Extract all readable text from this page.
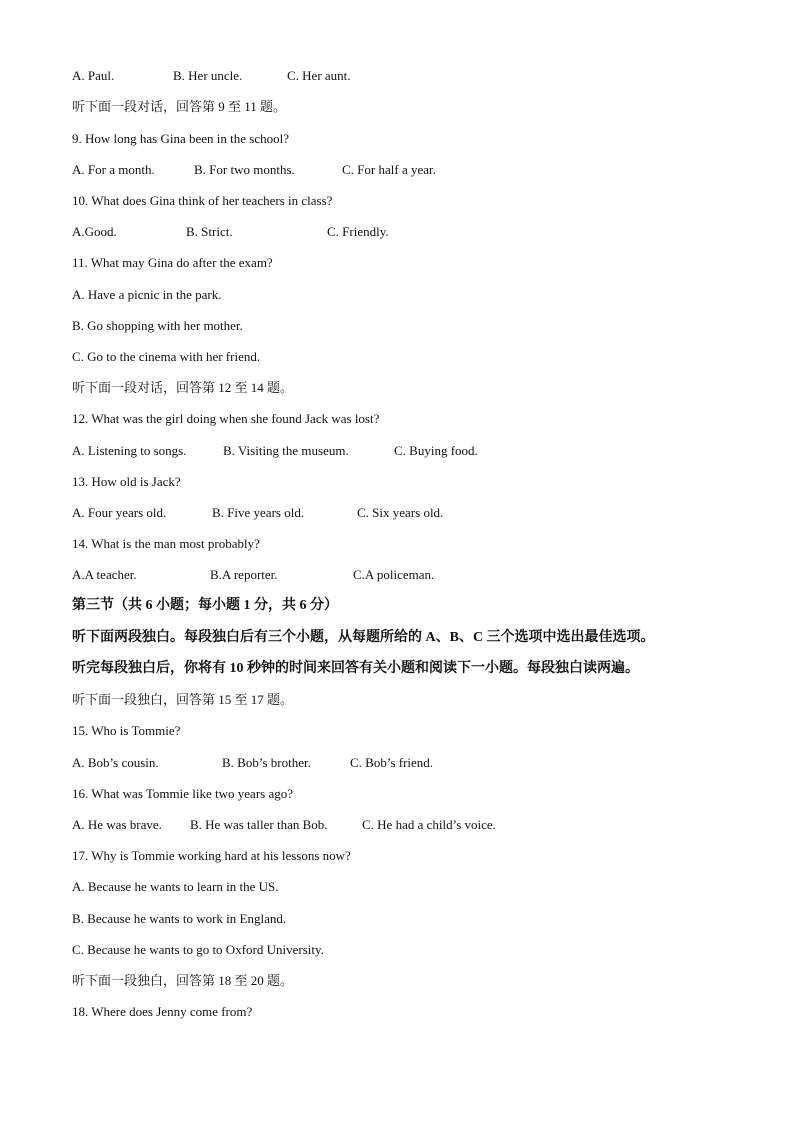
A. Paul.	B. Her uncle.	C. Her aunt.
听下面一段对话，回答第 9 至 11 题。
9. How long has Gina been in the school?
A. For a month.	B. For two months.	C. For half a year.
10. What does Gina think of her teachers in class?
A.Good.	B. Strict.	C. Friendly.
11. What may Gina do after the exam?
A. Have a picnic in the park.
B. Go shopping with her mother.
C. Go to the cinema with her friend.
听下面一段对话，回答第 12 至 14 题。
12. What was the girl doing when she found Jack was lost?
A. Listening to songs.	B. Visiting the museum.	C. Buying food.
13. How old is Jack?
A. Four years old.	B. Five years old.	C. Six years old.
14. What is the man most probably?
A.A teacher.	B.A reporter.	C.A policeman.
第三节（共 6 小题；每小题 1 分，共 6 分）
听下面两段独白。每段独白后有三个小题，从每题所给的 A、B、C 三个选项中选出最佳选项。
听完每段独白后，你将有 10 秒钟的时间来回答有关小题和阅读下一小题。每段独白读两遍。
听下面一段独白，回答第 15 至 17 题。
15. Who is Tommie?
A. Bob’s cousin.	B. Bob’s brother.	C. Bob’s friend.
16. What was Tommie like two years ago?
A. He was brave.	B. He was taller than Bob.	C. He had a child’s voice.
17. Why is Tommie working hard at his lessons now?
A. Because he wants to learn in the US.
B. Because he wants to work in England.
C. Because he wants to go to Oxford University.
听下面一段独白，回答第 18 至 20 题。
18. Where does Jenny come from?
